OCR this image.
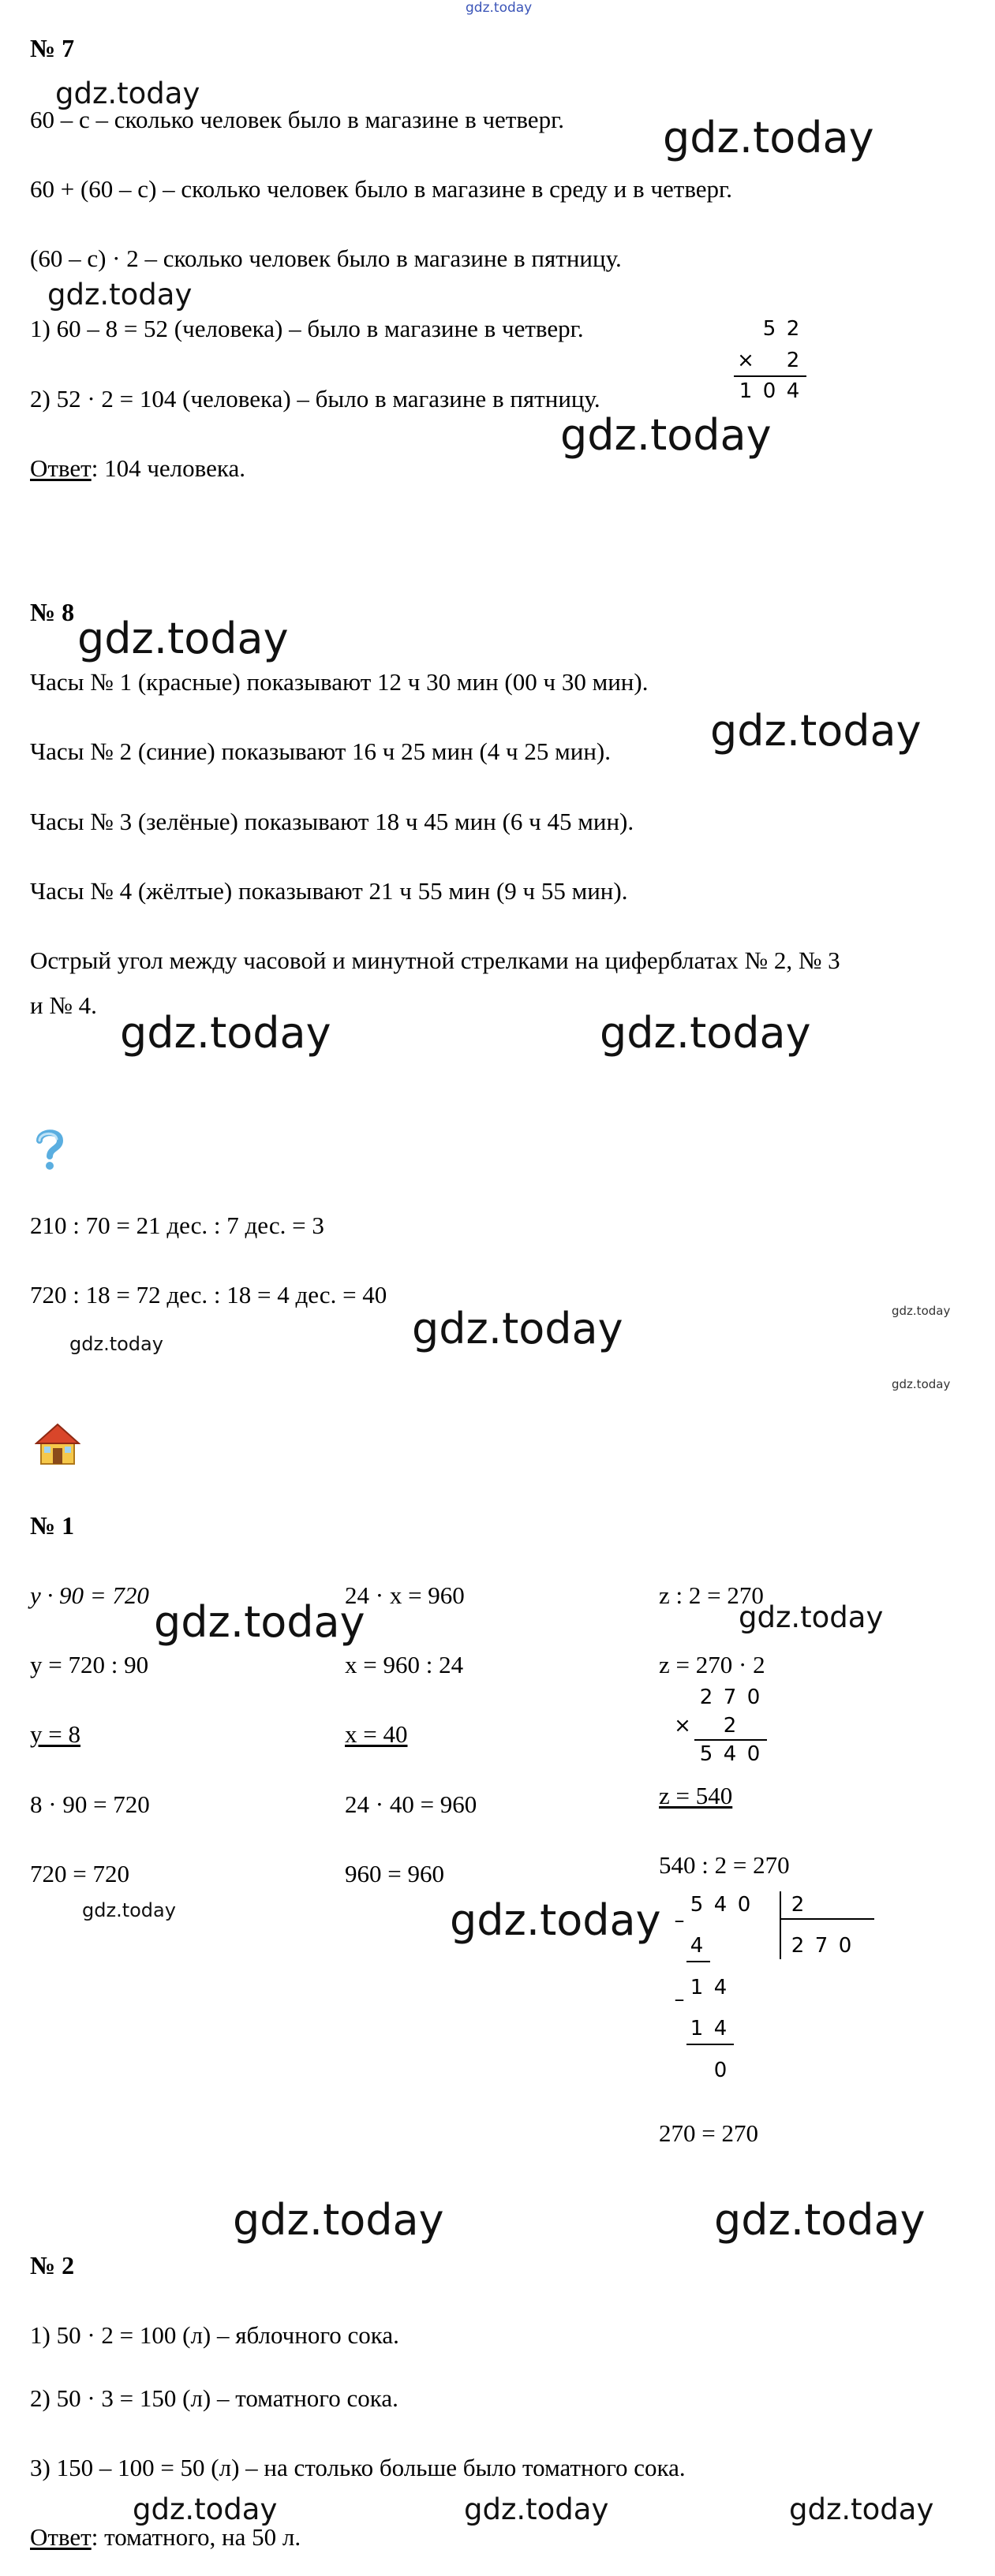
gdz.today
gdz.today
gdz.today
gdz.today
gdz.today
gdz.today
gdz.today
gdz.today	gdz.today
gdz.today
gdz.today
gdz.today
gdz.today
gdz.today	gdz.today
gdz.today	gdz.today
gdz.today	gdz.today
gdz.today	gdz.today	gdz.today
№ 7
60 – с – сколько человек было в магазине в четверг.
60 + (60 – с) – сколько человек было в магазине в среду и в четверг.
(60 – с) · 2 – сколько человек было в магазине в пятницу.
1) 60 – 8 = 52 (человека) – было в магазине в четверг.
2) 52 · 2 = 104 (человека) – было в магазине в пятницу.
Ответ: 104 человека.
5 2
× 2
1 0 4
№ 8
Часы № 1 (красные) показывают 12 ч 30 мин (00 ч 30 мин).
Часы № 2 (синие) показывают 16 ч 25 мин (4 ч 25 мин).
Часы № 3 (зелёные) показывают 18 ч 45 мин (6 ч 45 мин).
Часы № 4 (жёлтые) показывают 21 ч 55 мин (9 ч 55 мин).
Острый угол между часовой и минутной стрелками на циферблатах № 2, № 3
и № 4.
210 : 70 = 21 дес. : 7 дес. = 3
720 : 18 = 72 дес. : 18 = 4 дес. = 40
№ 1
y · 90 = 720
y = 720 : 90
y = 8
8 · 90 = 720
720 = 720
24 · x = 960
x = 960 : 24
x = 40
24 · 40 = 960
960 = 960
z : 2 = 270
z = 270 · 2
z = 540
540 : 2 = 270
270 = 270
2 7 0
× 2
5 4 0
5 4 0
–
2
2 7 0
4
– 1 4
1 4
0
№ 2
1) 50 · 2 = 100 (л) – яблочного сока.
2) 50 · 3 = 150 (л) – томатного сока.
3) 150 – 100 = 50 (л) – на столько больше было томатного сока.
Ответ: томатного, на 50 л.
